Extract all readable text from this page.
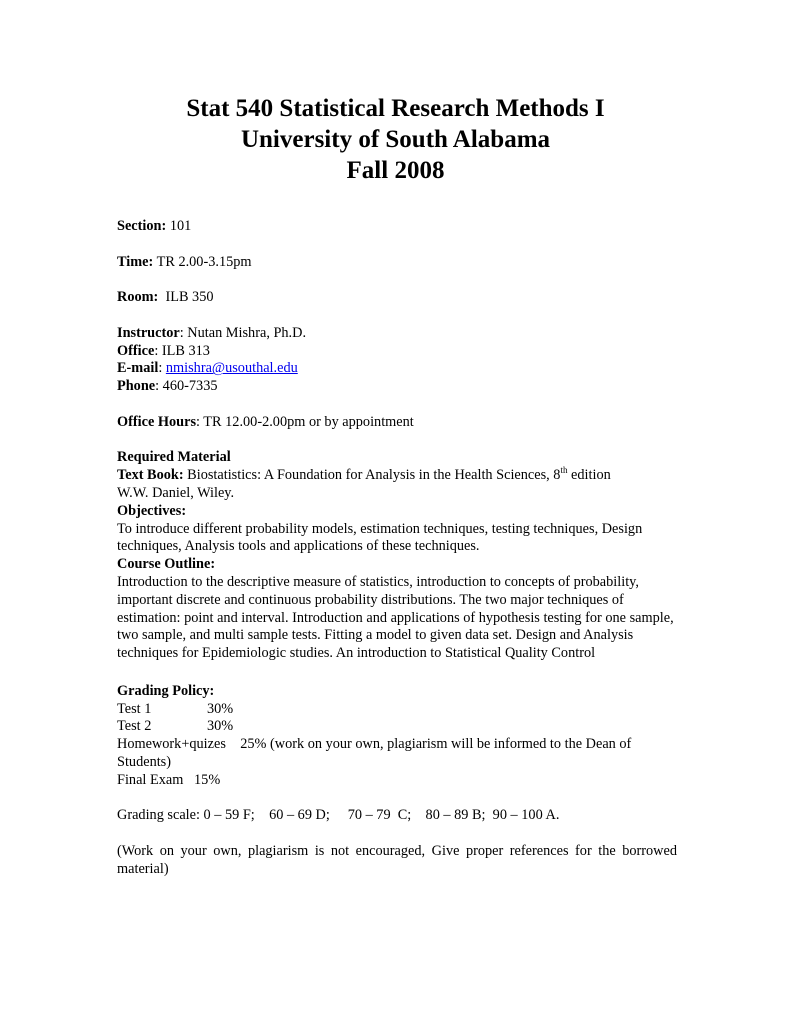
Stat 540 Statistical Research Methods I
University of South Alabama
Fall 2008
Section: 101
Time: TR 2.00-3.15pm
Room:  ILB 350
Instructor: Nutan Mishra, Ph.D.
Office: ILB 313
E-mail: nmishra@usouthal.edu
Phone: 460-7335
Office Hours: TR 12.00-2.00pm or by appointment
Required Material
Text Book: Biostatistics: A Foundation for Analysis in the Health Sciences, 8th edition
W.W. Daniel, Wiley.
Objectives:
To introduce different probability models, estimation techniques, testing techniques, Design techniques, Analysis tools and applications of these techniques.
Course Outline:
Introduction to the descriptive measure of statistics, introduction to concepts of probability, important discrete and continuous probability distributions. The two major techniques of estimation: point and interval. Introduction and applications of hypothesis testing for one sample, two sample, and multi sample tests. Fitting a model to given data set. Design and Analysis techniques for Epidemiologic studies. An introduction to Statistical Quality Control
Grading Policy:
Test 1	30%
Test 2	30%
Homework+quizes    25% (work on your own, plagiarism will be informed to the Dean of Students)
Final Exam   15%
Grading scale: 0 – 59 F;    60 – 69 D;     70 – 79  C;    80 – 89 B;  90 – 100 A.
(Work on your own, plagiarism is not encouraged, Give proper references for the borrowed material)
